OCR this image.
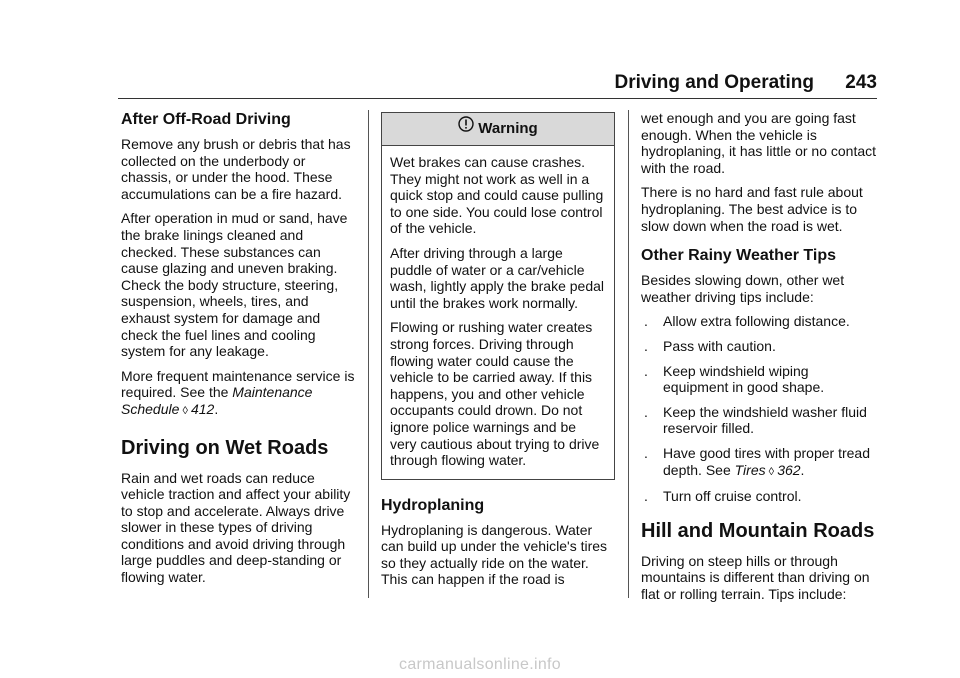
Driving and Operating 243
After Off-Road Driving

Remove any brush or debris that has collected on the underbody or chassis, or under the hood. These accumulations can be a fire hazard.

After operation in mud or sand, have the brake linings cleaned and checked. These substances can cause glazing and uneven braking. Check the body structure, steering, suspension, wheels, tires, and exhaust system for damage and check the fuel lines and cooling system for any leakage.

More frequent maintenance service is required. See the Maintenance Schedule ◊ 412.

Driving on Wet Roads

Rain and wet roads can reduce vehicle traction and affect your ability to stop and accelerate. Always drive slower in these types of driving conditions and avoid driving through large puddles and deep-standing or flowing water.

Warning

Wet brakes can cause crashes. They might not work as well in a quick stop and could cause pulling to one side. You could lose control of the vehicle.

After driving through a large puddle of water or a car/vehicle wash, lightly apply the brake pedal until the brakes work normally.

Flowing or rushing water creates strong forces. Driving through flowing water could cause the vehicle to be carried away. If this happens, you and other vehicle occupants could drown. Do not ignore police warnings and be very cautious about trying to drive through flowing water.

Hydroplaning

Hydroplaning is dangerous. Water can build up under the vehicle's tires so they actually ride on the water. This can happen if the road is

wet enough and you are going fast enough. When the vehicle is hydroplaning, it has little or no contact with the road.

There is no hard and fast rule about hydroplaning. The best advice is to slow down when the road is wet.

Other Rainy Weather Tips

Besides slowing down, other wet weather driving tips include:

. Allow extra following distance.
. Pass with caution.
. Keep windshield wiping equipment in good shape.
. Keep the windshield washer fluid reservoir filled.
. Have good tires with proper tread depth. See Tires ◊ 362.
. Turn off cruise control.
Hill and Mountain Roads

Driving on steep hills or through mountains is different than driving on flat or rolling terrain. Tips include:

carmanualsonline.info
